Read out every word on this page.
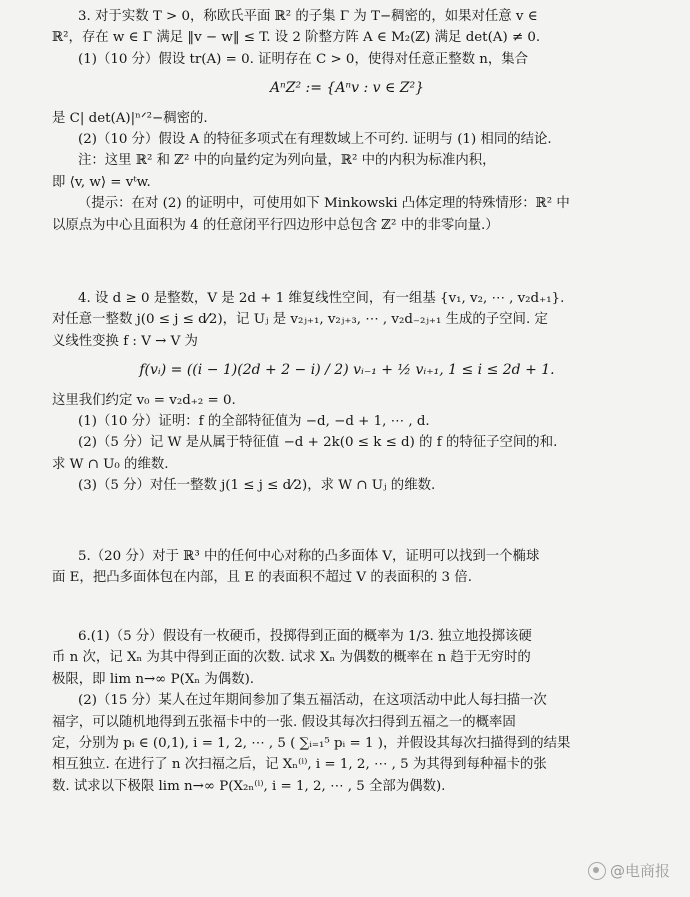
3. 对于实数 T > 0，称欧氏平面 ℝ² 的子集 Γ 为 T−稠密的，如果对任意 v ∈

ℝ²，存在 w ∈ Γ 满足 ‖v − w‖ ≤ T. 设 2 阶整方阵 A ∈ M₂(ℤ) 满足 det(A) ≠ 0.

(1)（10 分）假设 tr(A) = 0. 证明存在 C > 0，使得对任意正整数 n，集合

AⁿZ² := {Aⁿv : v ∈ Z²}

是 C| det(A)|ⁿᐟ²−稠密的.

(2)（10 分）假设 A 的特征多项式在有理数域上不可约. 证明与 (1) 相同的结论.

注：这里 ℝ² 和 ℤ² 中的向量约定为列向量，ℝ² 中的内积为标准内积，

即 ⟨v, w⟩ = vᵗw.

（提示：在对 (2) 的证明中，可使用如下 Minkowski 凸体定理的特殊情形：ℝ² 中

以原点为中心且面积为 4 的任意闭平行四边形中总包含 ℤ² 中的非零向量.）

4. 设 d ≥ 0 是整数，V 是 2d + 1 维复线性空间，有一组基 {v₁, v₂, ⋯ , v₂d₊₁}.

对任意一整数 j(0 ≤ j ≤ d⁄2)，记 Uⱼ 是 v₂ⱼ₊₁, v₂ⱼ₊₃, ⋯ , v₂d₋₂ⱼ₊₁ 生成的子空间. 定

义线性变换 f : V → V 为

f(vᵢ) = ((i − 1)(2d + 2 − i) / 2) vᵢ₋₁ + ½ vᵢ₊₁, 1 ≤ i ≤ 2d + 1.

这里我们约定 v₀ = v₂d₊₂ = 0.

(1)（10 分）证明：f 的全部特征值为 −d, −d + 1, ⋯ , d.

(2)（5 分）记 W 是从属于特征值 −d + 2k(0 ≤ k ≤ d) 的 f 的特征子空间的和.

求 W ∩ U₀ 的维数.

(3)（5 分）对任一整数 j(1 ≤ j ≤ d⁄2)，求 W ∩ Uⱼ 的维数.

5.（20 分）对于 ℝ³ 中的任何中心对称的凸多面体 V，证明可以找到一个椭球

面 E，把凸多面体包在内部，且 E 的表面积不超过 V 的表面积的 3 倍.

6.(1)（5 分）假设有一枚硬币，投掷得到正面的概率为 1/3. 独立地投掷该硬

币 n 次，记 Xₙ 为其中得到正面的次数. 试求 Xₙ 为偶数的概率在 n 趋于无穷时的

极限，即 lim n→∞ P(Xₙ 为偶数).

(2)（15 分）某人在过年期间参加了集五福活动，在这项活动中此人每扫描一次

福字，可以随机地得到五张福卡中的一张. 假设其每次扫得到五福之一的概率固

定，分别为 pᵢ ∈ (0,1), i = 1, 2, ⋯ , 5 ( ∑ᵢ₌₁⁵ pᵢ = 1 )，并假设其每次扫描得到的结果

相互独立. 在进行了 n 次扫福之后，记 Xₙ⁽ⁱ⁾, i = 1, 2, ⋯ , 5 为其得到每种福卡的张

数. 试求以下极限 lim n→∞ P(X₂ₙ⁽ⁱ⁾, i = 1, 2, ⋯ , 5 全部为偶数).

@电商报
